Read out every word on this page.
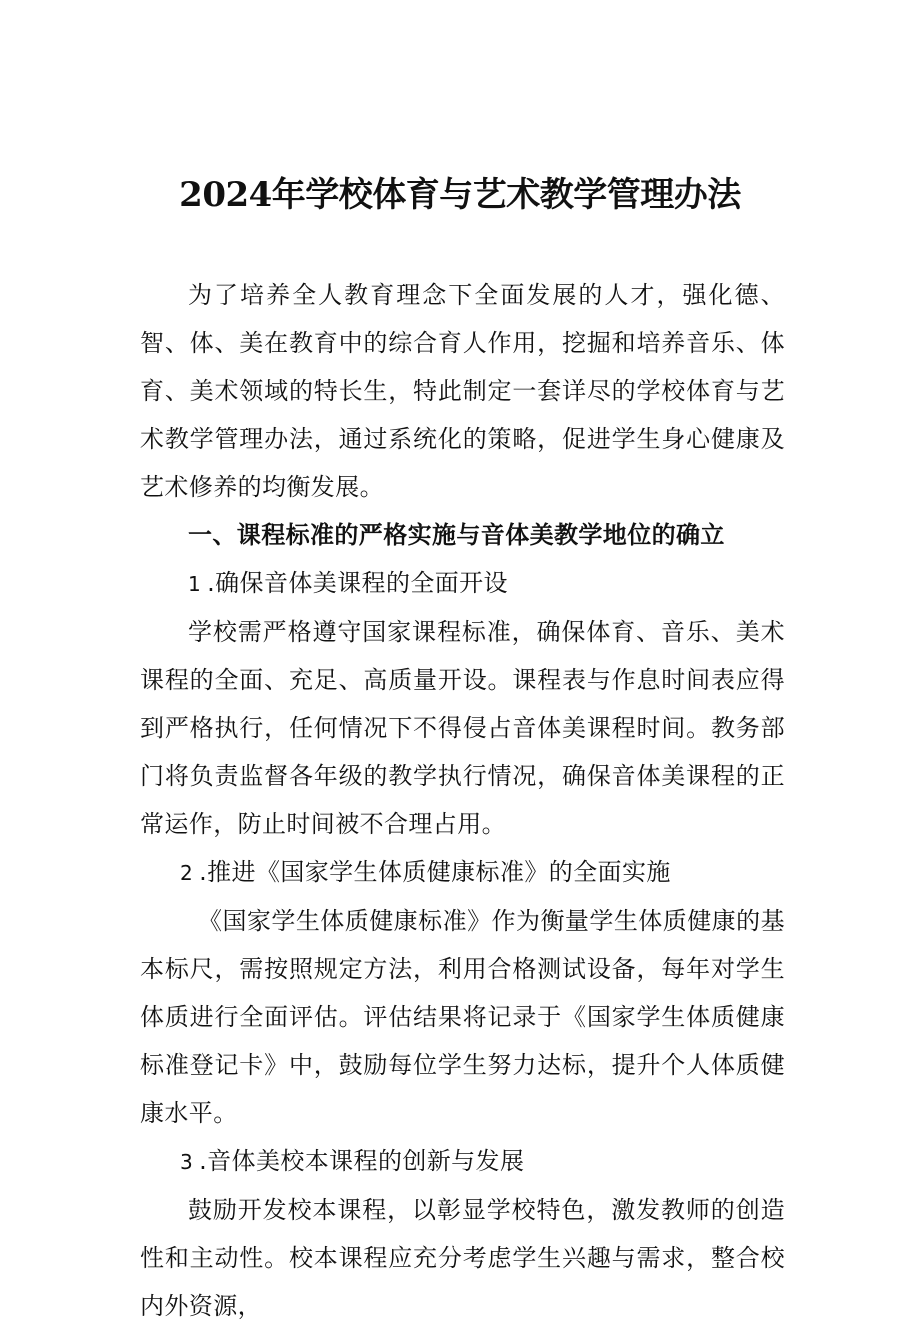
2024年学校体育与艺术教学管理办法

为了培养全人教育理念下全面发展的人才，强化德、智、体、美在教育中的综合育人作用，挖掘和培养音乐、体育、美术领域的特长生，特此制定一套详尽的学校体育与艺术教学管理办法，通过系统化的策略，促进学生身心健康及艺术修养的均衡发展。

一、课程标准的严格实施与音体美教学地位的确立

1 .确保音体美课程的全面开设

学校需严格遵守国家课程标准，确保体育、音乐、美术课程的全面、充足、高质量开设。课程表与作息时间表应得到严格执行，任何情况下不得侵占音体美课程时间。教务部门将负责监督各年级的教学执行情况，确保音体美课程的正常运作，防止时间被不合理占用。

2 .推进《国家学生体质健康标准》的全面实施

《国家学生体质健康标准》作为衡量学生体质健康的基本标尺，需按照规定方法，利用合格测试设备，每年对学生体质进行全面评估。评估结果将记录于《国家学生体质健康标准登记卡》中，鼓励每位学生努力达标，提升个人体质健康水平。

3 .音体美校本课程的创新与发展

鼓励开发校本课程，以彰显学校特色，激发教师的创造性和主动性。校本课程应充分考虑学生兴趣与需求，整合校内外资源，
